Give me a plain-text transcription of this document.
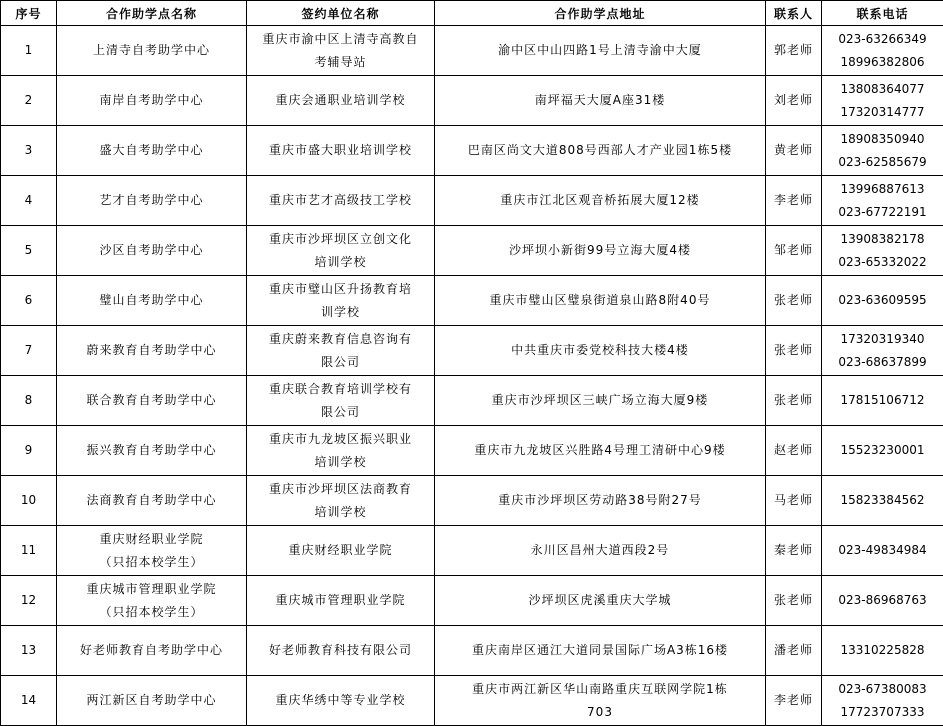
序号	合作助学点名称	签约单位名称	合作助学点地址	联系人	联系电话
1	上清寺自考助学中心	重庆市渝中区上清寺高教自
考辅导站	渝中区中山四路1号上清寺渝中大厦	郭老师	023-63266349
18996382806

2	南岸自考助学中心	重庆会通职业培训学校	南坪福天大厦A座31楼	刘老师	13808364077
17320314777

3	盛大自考助学中心	重庆市盛大职业培训学校	巴南区尚文大道808号西部人才产业园1栋5楼	黄老师	18908350940
023-62585679

4	艺才自考助学中心	重庆市艺才高级技工学校	重庆市江北区观音桥拓展大厦12楼	李老师	13996887613
023-67722191

5	沙区自考助学中心	重庆市沙坪坝区立创文化
培训学校	沙坪坝小新街99号立海大厦4楼	邹老师	13908382178
023-65332022

6	璧山自考助学中心	重庆市璧山区升扬教育培
训学校	重庆市璧山区璧泉街道泉山路8附40号	张老师	023-63609595

7	蔚来教育自考助学中心	重庆蔚来教育信息咨询有
限公司	中共重庆市委党校科技大楼4楼	张老师	17320319340
023-68637899

8	联合教育自考助学中心	重庆联合教育培训学校有
限公司	重庆市沙坪坝区三峡广场立海大厦9楼	张老师	17815106712

9	振兴教育自考助学中心	重庆市九龙坡区振兴职业
培训学校	重庆市九龙坡区兴胜路4号理工清研中心9楼	赵老师	15523230001

10	法商教育自考助学中心	重庆市沙坪坝区法商教育
培训学校	重庆市沙坪坝区劳动路38号附27号	马老师	15823384562

11	重庆财经职业学院
（只招本校学生）	重庆财经职业学院	永川区昌州大道西段2号	秦老师	023-49834984

12	重庆城市管理职业学院
（只招本校学生）	重庆城市管理职业学院	沙坪坝区虎溪重庆大学城	张老师	023-86968763

13	好老师教育自考助学中心	好老师教育科技有限公司	重庆南岸区通江大道同景国际广场A3栋16楼	潘老师	13310225828

14	两江新区自考助学中心	重庆华绣中等专业学校	重庆市两江新区华山南路重庆互联网学院1栋
703	李老师	023-67380083
17723707333
